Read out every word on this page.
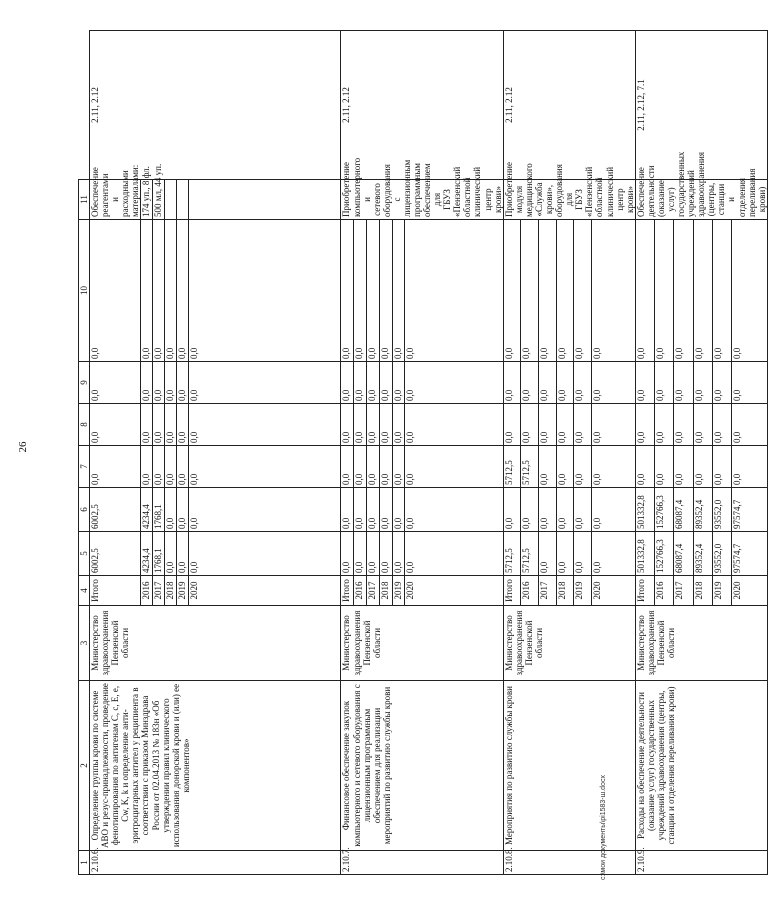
26
1	2	3	4	5	6	7	8	9	10	11	
2.10.6.	Определение группы крови по системе АВО и резус-принадлежности, проведение фенотипирования по антигенам С, с, Е, е, Cw, K, k и определение анти-эритроцитарных антител у реципиента в соответствии с приказом Минздрава России от 02.04.2013 № 183н «Об утверждении правил клинического использования донорской крови и (или) ее компонентов»	Министерство здравоохранения Пензенской области	Итого	6002,5	6002,5	0,0	0,0	0,0	0,0	Обеспечение реагентами и расходными материалами:	2.11, 2.12
			2016	4234,4	4234,4	0,0	0,0	0,0	0,0	174 уп., 8 фл.	
			2017	1768,1	1768,1	0,0	0,0	0,0	0,0	500 мл, 44 уп.	
			2018	0,0	0,0	0,0	0,0	0,0	0,0		
			2019	0,0	0,0	0,0	0,0	0,0	0,0		
			2020	0,0	0,0	0,0	0,0	0,0	0,0		
2.10.7.	Финансовое обеспечение закупок компьютерного и сетевого оборудования с лицензионным программным обеспечением для реализации мероприятий по развитию службы крови	Министерство здравоохранения Пензенской области	Итого	0,0	0,0	0,0	0,0	0,0	0,0	Приобретение компьютерного и сетевого оборудования с лицензионным программным обеспечением для ГБУЗ «Пензенский областной клинический центр крови»	2.11, 2.12
			2016	0,0	0,0	0,0	0,0	0,0	0,0		
			2017	0,0	0,0	0,0	0,0	0,0	0,0		
			2018	0,0	0,0	0,0	0,0	0,0	0,0		
			2019	0,0	0,0	0,0	0,0	0,0	0,0		
			2020	0,0	0,0	0,0	0,0	0,0	0,0		
2.10.8.	Мероприятия по развитию службы крови	Министерство здравоохранения Пензенской области	Итого	5712,5	0,0	5712,5	0,0	0,0	0,0	Приобретение модуля медицинского «Служба крови», оборудования для ГБУЗ «Пензенский областной клинический центр крови»	2.11, 2.12
			2016	5712,5	0,0	5712,5	0,0	0,0	0,0		
			2017	0,0	0,0	0,0	0,0	0,0	0,0		
			2018	0,0	0,0	0,0	0,0	0,0	0,0		
			2019	0,0	0,0	0,0	0,0	0,0	0,0		
			2020	0,0	0,0	0,0	0,0	0,0	0,0		
2.10.9.	Расходы на обеспечение деятельности (оказание услуг) государственных учреждений здравоохранения (центры, станции и отделения переливания крови)	Министерство здравоохранения Пензенской области	Итого	501332,8	501332,8	0,0	0,0	0,0	0,0	Обеспечение деятельности (оказание услуг) государственных учреждений здравоохранения (центры, станции и отделения переливания крови)	2.11, 2.12, 7.1
			2016	152766,3	152766,3	0,0	0,0	0,0	0,0		
			2017	68087,4	68087,4	0,0	0,0	0,0	0,0		
			2018	89352,4	89352,4	0,0	0,0	0,0	0,0		
			2019	93552,0	93552,0	0,0	0,0	0,0	0,0		
			2020	97574,7	97574,7	0,0	0,0	0,0	0,0		
c:\мои документы\pi1583-ш.docx
